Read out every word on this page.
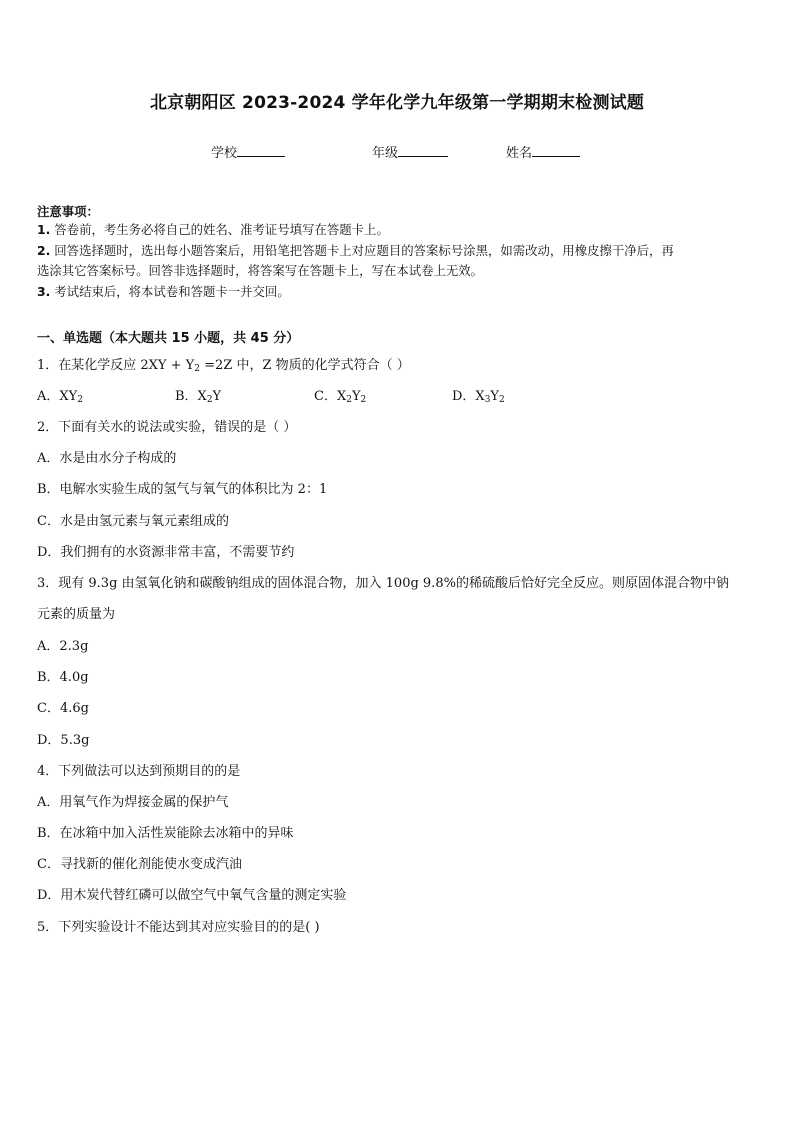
北京朝阳区 2023-2024 学年化学九年级第一学期期末检测试题
学校	年级	姓名
注意事项：
1. 答卷前，考生务必将自己的姓名、准考证号填写在答题卡上。
2. 回答选择题时，选出每小题答案后，用铅笔把答题卡上对应题目的答案标号涂黑，如需改动，用橡皮擦干净后，再
选涂其它答案标号。回答非选择题时，将答案写在答题卡上，写在本试卷上无效。
3. 考试结束后，将本试卷和答题卡一并交回。
一、单选题（本大题共 15 小题，共 45 分）
1．在某化学反应 $2XY + Y_2 =2Z$ 中，Z 物质的化学式符合（ ）
A．$XY_2$	B．$X_2Y$	C．$X_2Y_2$	D．$X_3Y_2$
2．下面有关水的说法或实验，错误的是（ ）
A．水是由水分子构成的
B．电解水实验生成的氢气与氧气的体积比为 2：1
C．水是由氢元素与氧元素组成的
D．我们拥有的水资源非常丰富，不需要节约
3．现有 9.3g 由氢氧化钠和碳酸钠组成的固体混合物，加入 100g 9.8%的稀硫酸后恰好完全反应。则原固体混合物中钠
元素的质量为
A．2.3g
B．4.0g
C．4.6g
D．5.3g
4．下列做法可以达到预期目的的是
A．用氧气作为焊接金属的保护气
B．在冰箱中加入活性炭能除去冰箱中的异味
C．寻找新的催化剂能使水变成汽油
D．用木炭代替红磷可以做空气中氧气含量的测定实验
5．下列实验设计不能达到其对应实验目的的是( )
